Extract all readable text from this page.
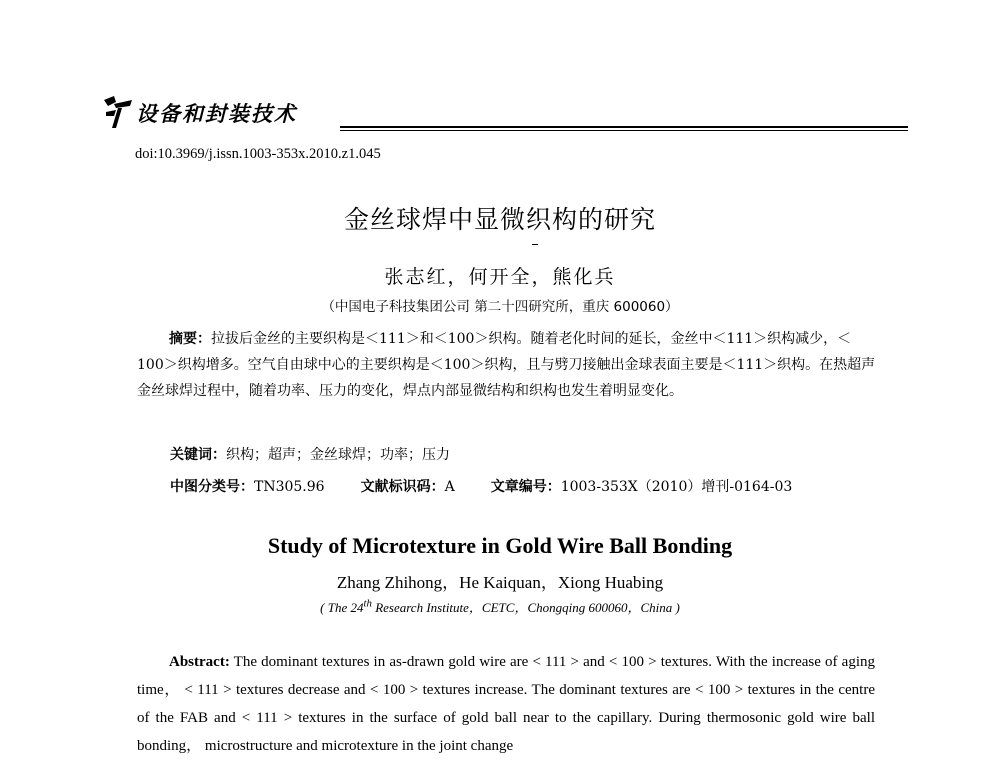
设备和封装技术
doi:10.3969/j.issn.1003-353x.2010.z1.045
金丝球焊中显微织构的研究
张志红，何开全，熊化兵
（中国电子科技集团公司 第二十四研究所，重庆 600060）
摘要：拉拔后金丝的主要织构是＜111＞和＜100＞织构。随着老化时间的延长，金丝中＜111＞织构减少，＜100＞织构增多。空气自由球中心的主要织构是＜100＞织构，且与劈刀接触出金球表面主要是＜111＞织构。在热超声金丝球焊过程中，随着功率、压力的变化，焊点内部显微结构和织构也发生着明显变化。
关键词：织构；超声；金丝球焊；功率；压力
中图分类号：TN305.96	文献标识码：A	文章编号：1003-353X（2010）增刊-0164-03
Study of Microtexture in Gold Wire Ball Bonding
Zhang Zhihong，He Kaiquan，Xiong Huabing
( The 24th Research Institute，CETC，Chongqing 600060，China )
Abstract: The dominant textures in as-drawn gold wire are < 111 > and < 100 > textures. With the increase of aging time， < 111 > textures decrease and < 100 > textures increase. The dominant textures are < 100 > textures in the centre of the FAB and < 111 > textures in the surface of gold ball near to the capillary. During thermosonic gold wire ball bonding， microstructure and microtexture in the joint change
